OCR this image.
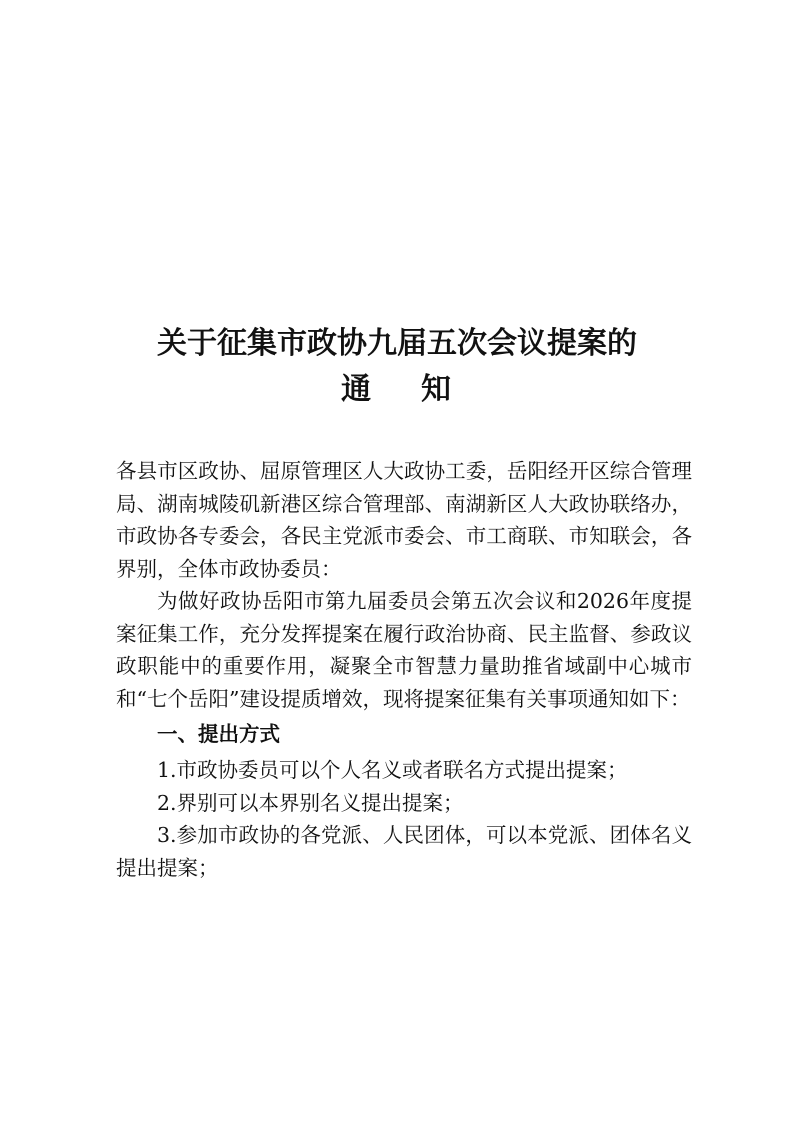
关于征集市政协九届五次会议提案的
通 知

各县市区政协、屈原管理区人大政协工委，岳阳经开区综合管理局、湖南城陵矶新港区综合管理部、南湖新区人大政协联络办，市政协各专委会，各民主党派市委会、市工商联、市知联会，各界别，全体市政协委员：

为做好政协岳阳市第九届委员会第五次会议和2026年度提案征集工作，充分发挥提案在履行政治协商、民主监督、参政议政职能中的重要作用，凝聚全市智慧力量助推省域副中心城市和“七个岳阳”建设提质增效，现将提案征集有关事项通知如下：

一、提出方式

1.市政协委员可以个人名义或者联名方式提出提案；

2.界别可以本界别名义提出提案；

3.参加市政协的各党派、人民团体，可以本党派、团体名义提出提案；
